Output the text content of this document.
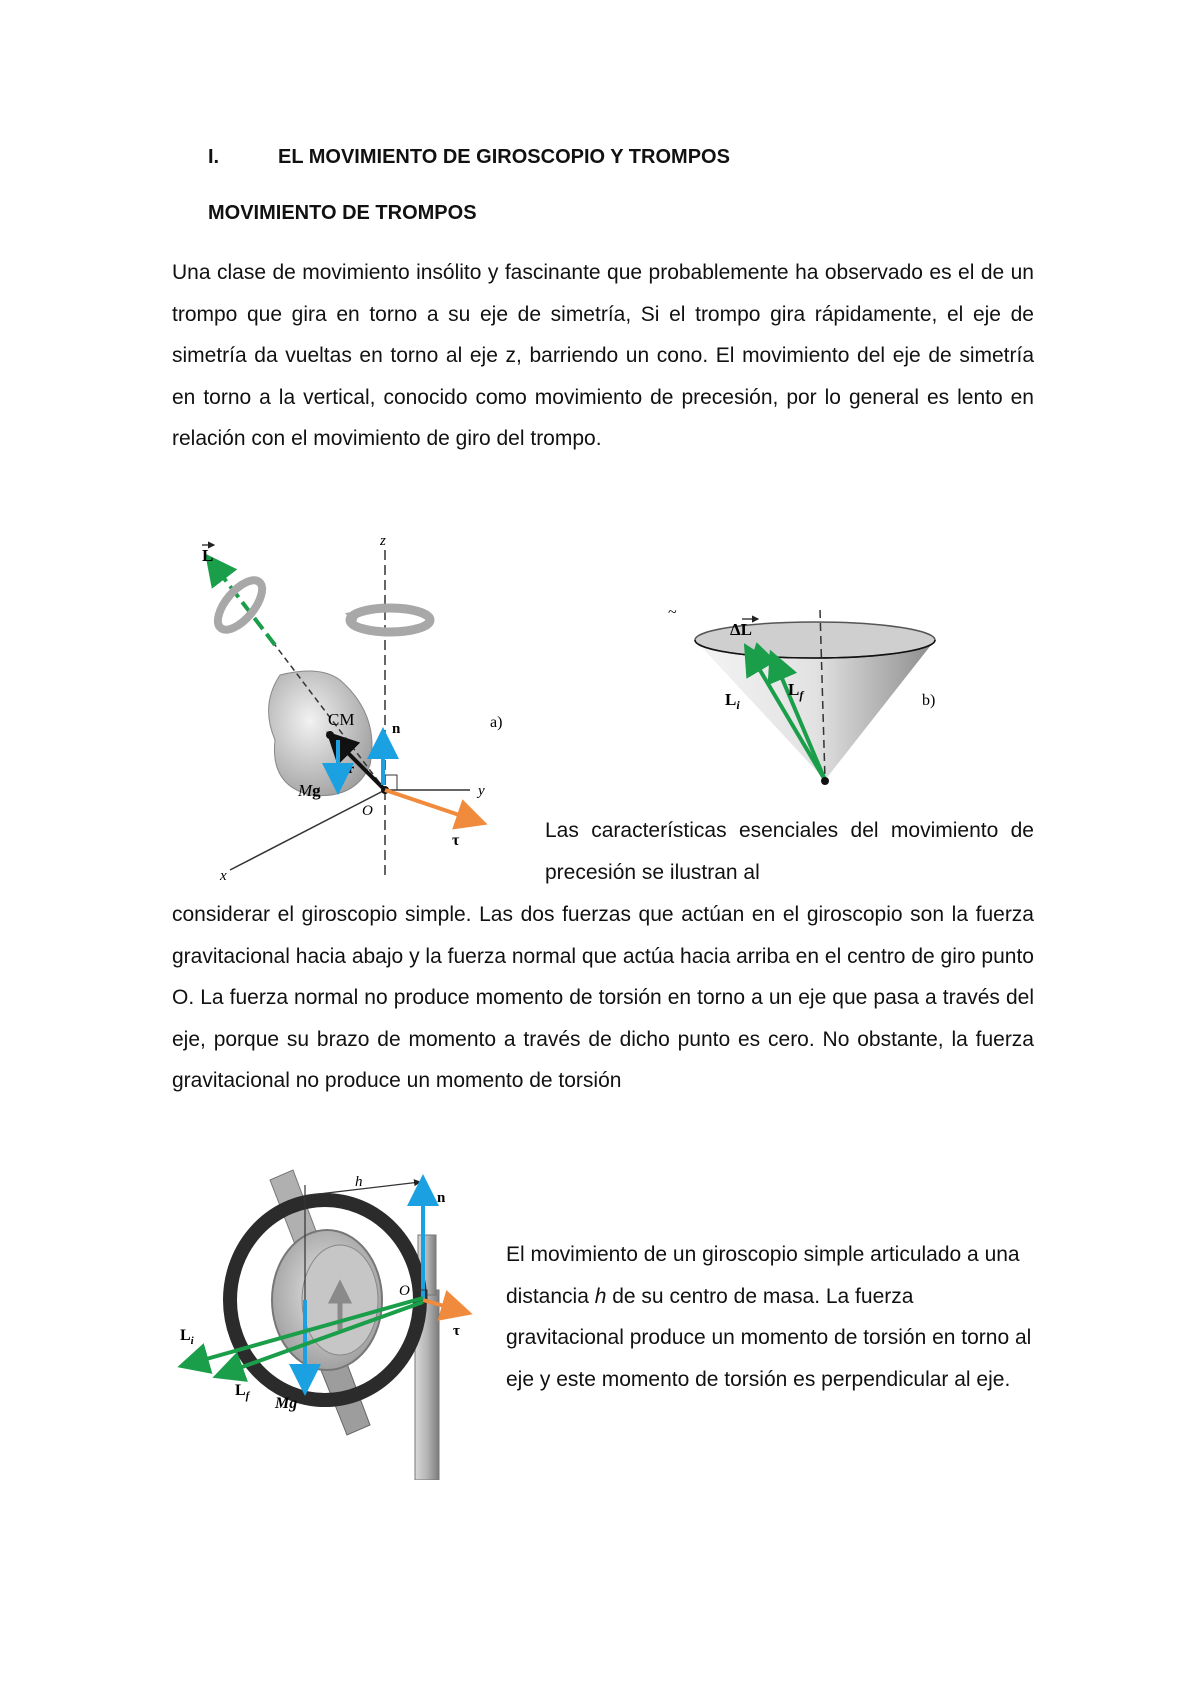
I.	EL MOVIMIENTO DE GIROSCOPIO Y TROMPOS
MOVIMIENTO DE TROMPOS
Una clase de movimiento insólito y fascinante que probablemente ha observado es el de un trompo que gira en torno a su eje de simetría, Si el trompo gira rápidamente, el eje de simetría da vueltas en torno al eje z, barriendo un cono. El movimiento del eje de simetría en torno a la vertical, conocido como movimiento de precesión, por lo general es lento en relación con el movimiento de giro del trompo.
z
y
x
L
CM
r
Mg
n
O
τ
a)
~
ΔL
$L_f$
$L_i$	b)
Las características esenciales del movimiento de precesión se ilustran al
considerar el giroscopio simple. Las dos fuerzas que actúan en el giroscopio son la fuerza gravitacional hacia abajo y la fuerza normal que actúa hacia arriba en el centro de giro punto O. La fuerza normal no produce momento de torsión en torno a un eje que pasa a través del eje, porque su brazo de momento a través de dicho punto es cero. No obstante, la fuerza gravitacional no produce un momento de torsión
h
n
O
τ
Mg
$L_i$
$L_f$
El movimiento de un giroscopio simple articulado a una distancia h de su centro de masa. La fuerza gravitacional produce un momento de torsión en torno al eje y este momento de torsión es perpendicular al eje.
